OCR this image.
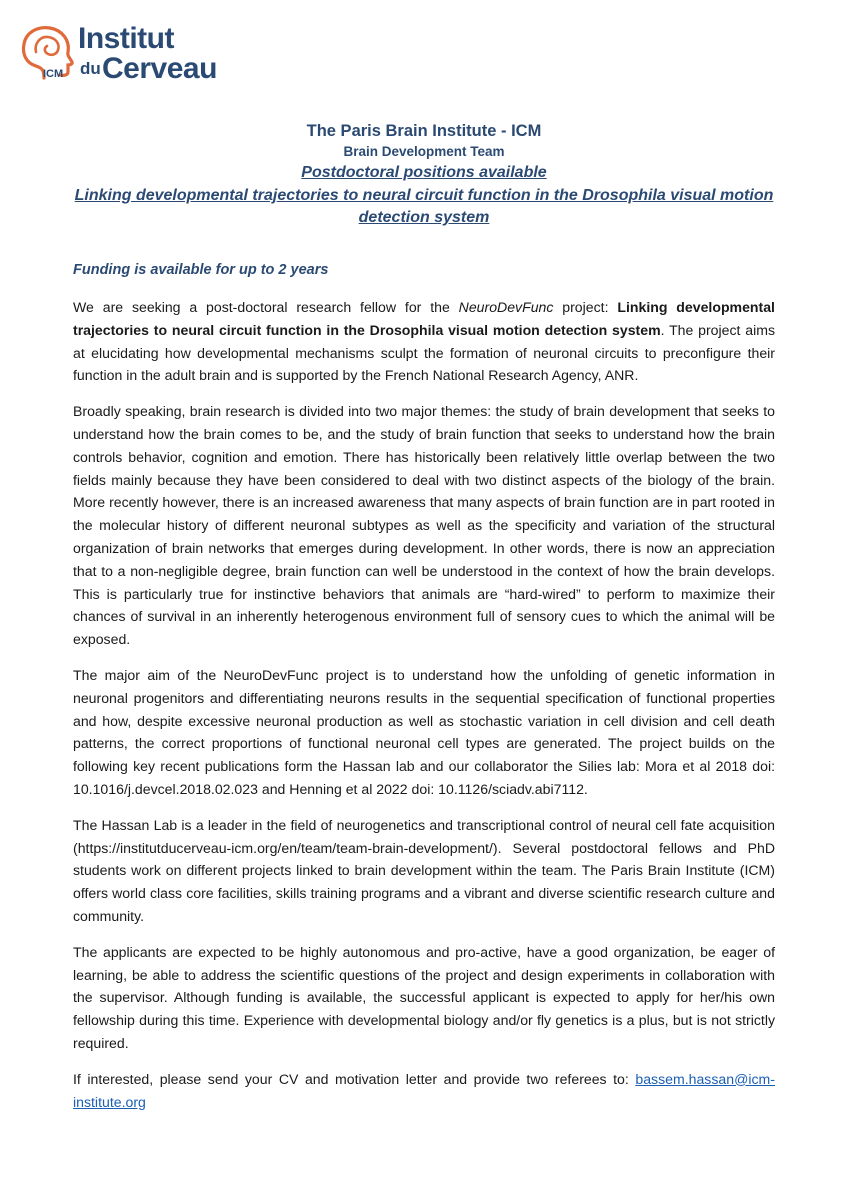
Institut
du Cerveau
ICM
The Paris Brain Institute - ICM
Brain Development Team
Postdoctoral positions available
Linking developmental trajectories to neural circuit function in the Drosophila visual motion detection system
Funding is available for up to 2 years

We are seeking a post-doctoral research fellow for the NeuroDevFunc project: Linking developmental trajectories to neural circuit function in the Drosophila visual motion detection system. The project aims at elucidating how developmental mechanisms sculpt the formation of neuronal circuits to preconfigure their function in the adult brain and is supported by the French National Research Agency, ANR.

Broadly speaking, brain research is divided into two major themes: the study of brain development that seeks to understand how the brain comes to be, and the study of brain function that seeks to understand how the brain controls behavior, cognition and emotion. There has historically been relatively little overlap between the two fields mainly because they have been considered to deal with two distinct aspects of the biology of the brain. More recently however, there is an increased awareness that many aspects of brain function are in part rooted in the molecular history of different neuronal subtypes as well as the specificity and variation of the structural organization of brain networks that emerges during development. In other words, there is now an appreciation that to a non-negligible degree, brain function can well be understood in the context of how the brain develops. This is particularly true for instinctive behaviors that animals are “hard-wired” to perform to maximize their chances of survival in an inherently heterogenous environment full of sensory cues to which the animal will be exposed.

The major aim of the NeuroDevFunc project is to understand how the unfolding of genetic information in neuronal progenitors and differentiating neurons results in the sequential specification of functional properties and how, despite excessive neuronal production as well as stochastic variation in cell division and cell death patterns, the correct proportions of functional neuronal cell types are generated. The project builds on the following key recent publications form the Hassan lab and our collaborator the Silies lab: Mora et al 2018 doi: 10.1016/j.devcel.2018.02.023 and Henning et al 2022 doi: 10.1126/sciadv.abi7112.

The Hassan Lab is a leader in the field of neurogenetics and transcriptional control of neural cell fate acquisition (https://institutducerveau-icm.org/en/team/team-brain-development/). Several postdoctoral fellows and PhD students work on different projects linked to brain development within the team. The Paris Brain Institute (ICM) offers world class core facilities, skills training programs and a vibrant and diverse scientific research culture and community.

The applicants are expected to be highly autonomous and pro-active, have a good organization, be eager of learning, be able to address the scientific questions of the project and design experiments in collaboration with the supervisor. Although funding is available, the successful applicant is expected to apply for her/his own fellowship during this time. Experience with developmental biology and/or fly genetics is a plus, but is not strictly required.

If interested, please send your CV and motivation letter and provide two referees to: bassem.hassan@icm-institute.org
